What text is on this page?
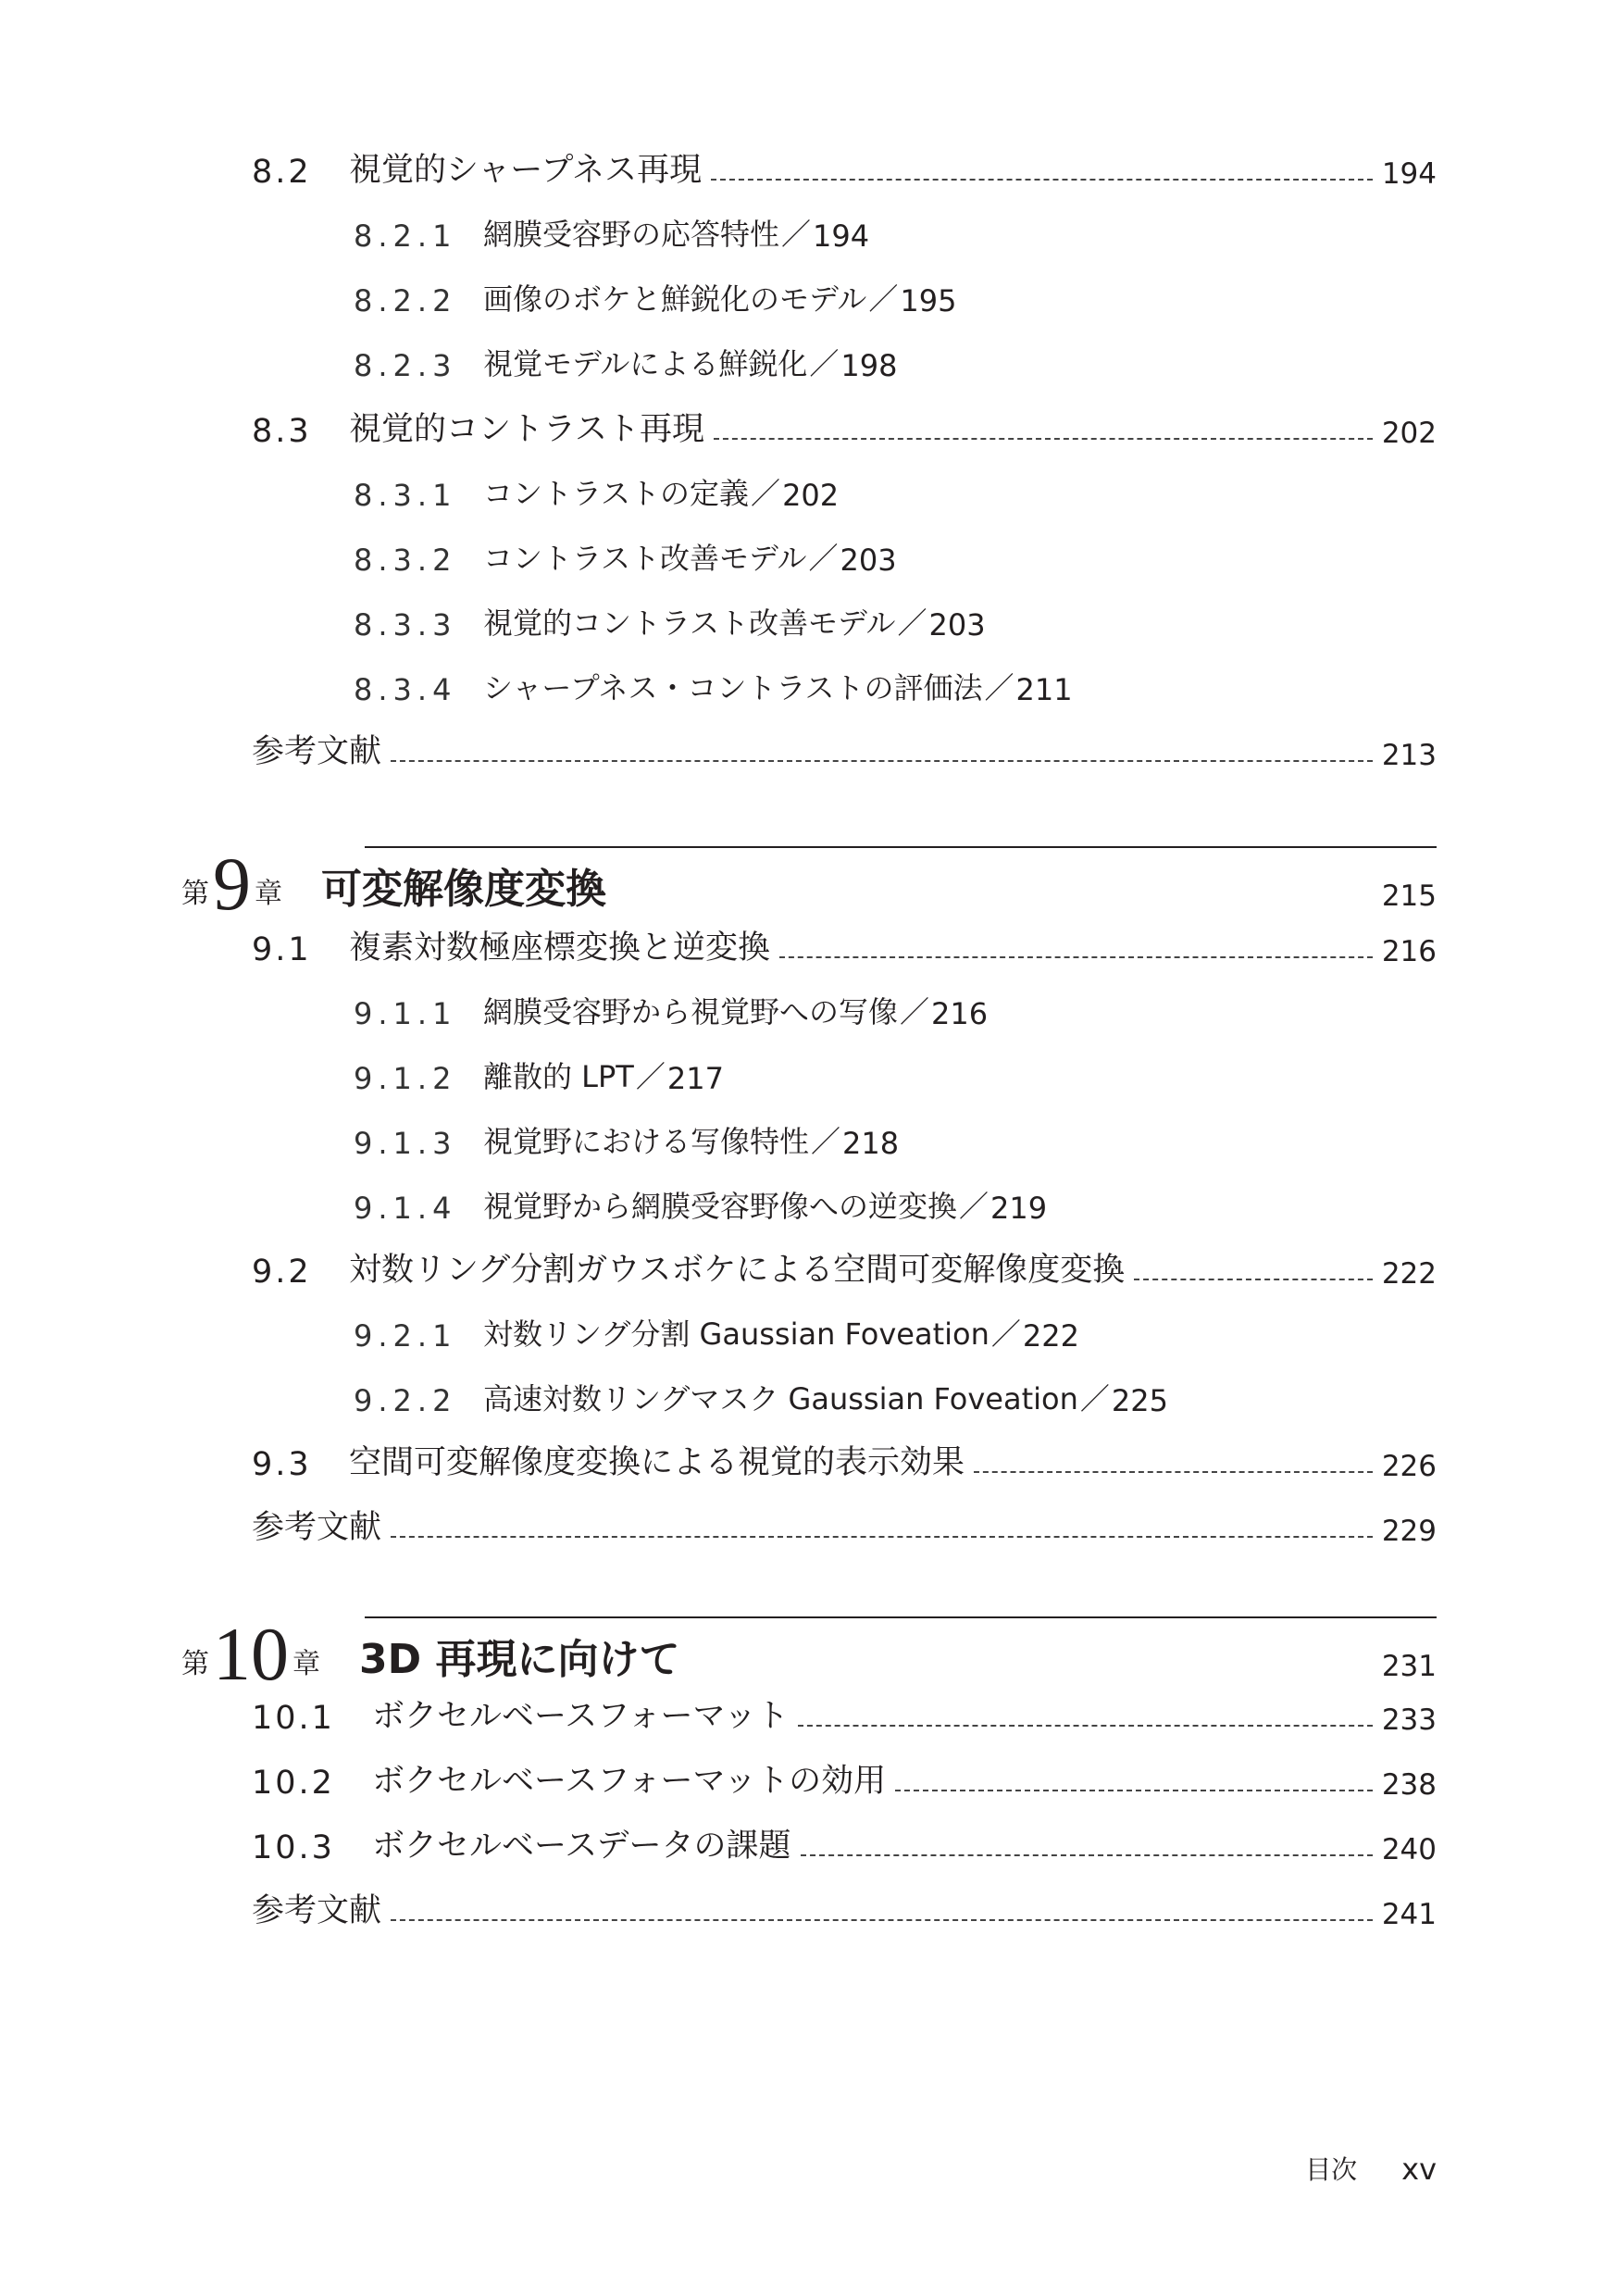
8.2	視覚的シャープネス再現	194
8.2.1 網膜受容野の応答特性 ／ 194
8.2.2 画像のボケと鮮鋭化のモデル ／ 195
8.2.3 視覚モデルによる鮮鋭化 ／ 198
8.3	視覚的コントラスト再現	202
8.3.1 コントラストの定義 ／ 202
8.3.2 コントラスト改善モデル ／ 203
8.3.3 視覚的コントラスト改善モデル ／ 203
8.3.4 シャープネス・コントラストの評価法 ／ 211
参考文献	213
第 9 章 可変解像度変換	215
9.1	複素対数極座標変換と逆変換	216
9.1.1 網膜受容野から視覚野への写像 ／ 216
9.1.2 離散的 LPT ／ 217
9.1.3 視覚野における写像特性 ／ 218
9.1.4 視覚野から網膜受容野像への逆変換 ／ 219
9.2	対数リング分割ガウスボケによる空間可変解像度変換	222
9.2.1 対数リング分割 Gaussian Foveation ／ 222
9.2.2 高速対数リングマスク Gaussian Foveation ／ 225
9.3	空間可変解像度変換による視覚的表示効果	226
参考文献	229
第 10 章 3D 再現に向けて	231
10.1	ボクセルベースフォーマット	233
10.2	ボクセルベースフォーマットの効用	238
10.3	ボクセルベースデータの課題	240
参考文献	241
目次 xv
